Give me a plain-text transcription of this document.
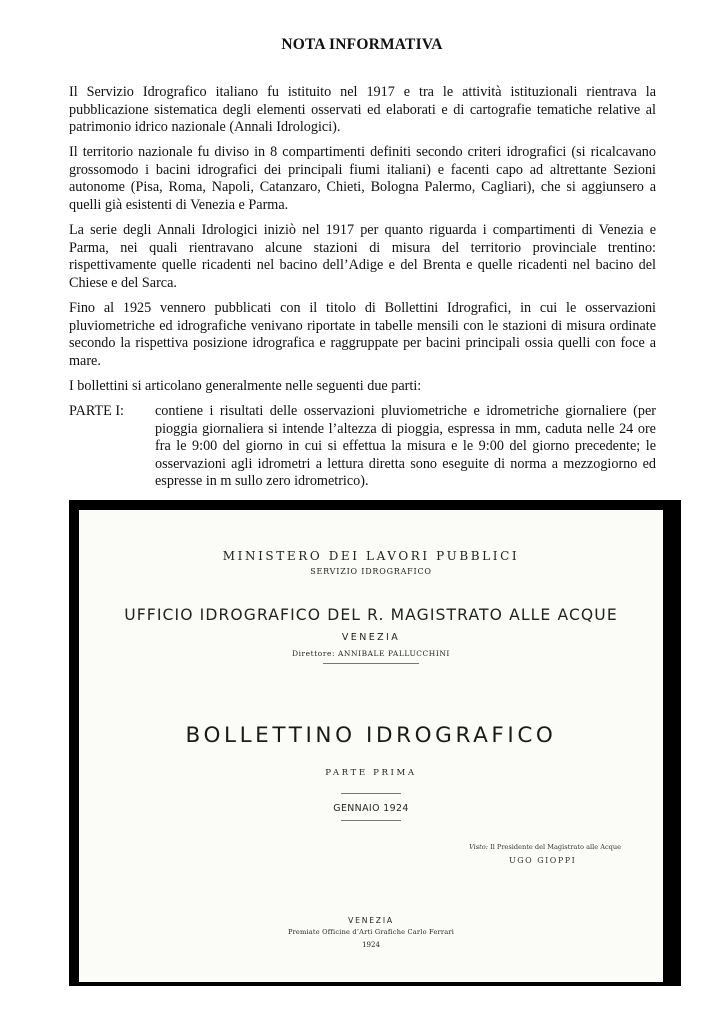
NOTA INFORMATIVA

Il Servizio Idrografico italiano fu istituito nel 1917 e tra le attività istituzionali rientrava la pubblicazione sistematica degli elementi osservati ed elaborati e di cartografie tematiche relative al patrimonio idrico nazionale (Annali Idrologici).

Il territorio nazionale fu diviso in 8 compartimenti definiti secondo criteri idrografici (si ricalcavano grossomodo i bacini idrografici dei principali fiumi italiani) e facenti capo ad altrettante Sezioni autonome (Pisa, Roma, Napoli, Catanzaro, Chieti, Bologna Palermo, Cagliari), che si aggiunsero a quelli già esistenti di Venezia e Parma.

La serie degli Annali Idrologici iniziò nel 1917 per quanto riguarda i compartimenti di Venezia e Parma, nei quali rientravano alcune stazioni di misura del territorio provinciale trentino: rispettivamente quelle ricadenti nel bacino dell’Adige e del Brenta e quelle ricadenti nel bacino del Chiese e del Sarca.

Fino al 1925 vennero pubblicati con il titolo di Bollettini Idrografici, in cui le osservazioni pluviometriche ed idrografiche venivano riportate in tabelle mensili con le stazioni di misura ordinate secondo la rispettiva posizione idrografica e raggruppate per bacini principali ossia quelli con foce a mare.

I bollettini si articolano generalmente nelle seguenti due parti:

PARTE I:	contiene i risultati delle osservazioni pluviometriche e idrometriche giornaliere (per pioggia giornaliera si intende l’altezza di pioggia, espressa in mm, caduta nelle 24 ore fra le 9:00 del giorno in cui si effettua la misura e le 9:00 del giorno precedente; le osservazioni agli idrometri a lettura diretta sono eseguite di norma a mezzogiorno ed espresse in m sullo zero idrometrico).
MINISTERO DEI LAVORI PUBBLICI
SERVIZIO IDROGRAFICO
UFFICIO IDROGRAFICO DEL R. MAGISTRATO ALLE ACQUE
VENEZIA
Direttore: ANNIBALE PALLUCCHINI
BOLLETTINO IDROGRAFICO
PARTE PRIMA
GENNAIO 1924
Visto: Il Presidente del Magistrato alle Acque
UGO GIOPPI
VENEZIA
Premiate Officine d’Arti Grafiche Carlo Ferrari
1924
